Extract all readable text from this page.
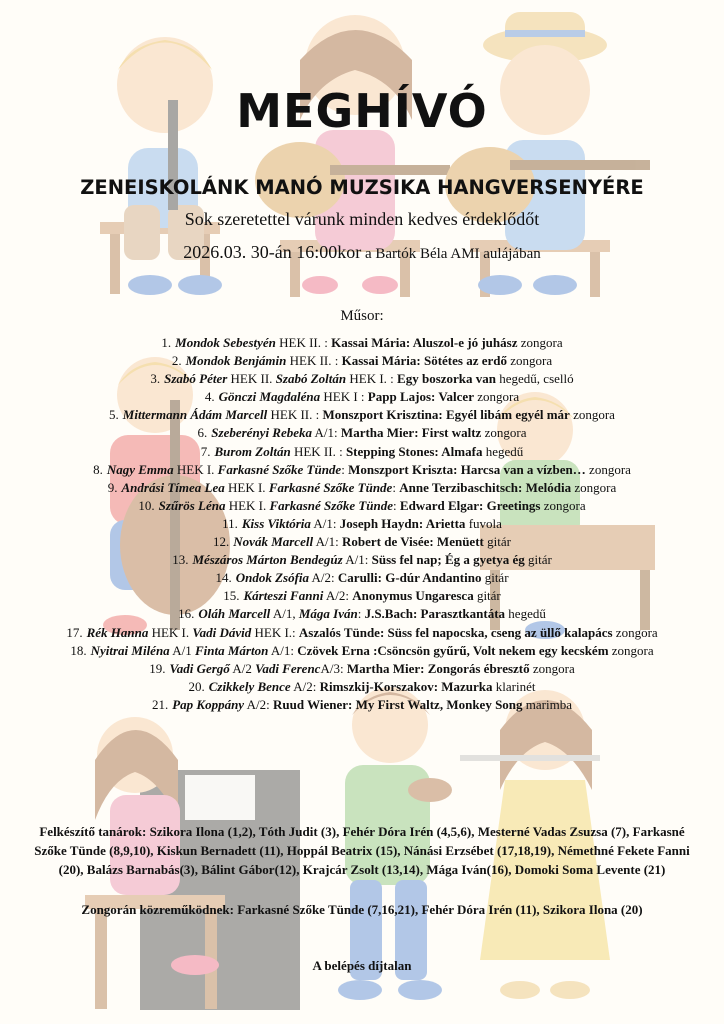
MEGHÍVÓ
ZENEISKOLÁNK MANÓ MUZSIKA HANGVERSENYÉRE
Sok szeretettel várunk minden kedves érdeklődőt
2026.03. 30-án 16:00kor a Bartók Béla AMI aulájában
Műsor:
1. Mondok Sebestyén HEK II. : Kassai Mária: Aluszol-e jó juhász zongora
2. Mondok Benjámin HEK II. : Kassai Mária: Sötétes az erdő zongora
3. Szabó Péter HEK II. Szabó Zoltán HEK I. : Egy boszorka van hegedű, cselló
4. Gönczi Magdaléna HEK I : Papp Lajos: Valcer zongora
5. Mittermann Ádám Marcell HEK II. : Monszport Krisztina: Egyél libám egyél már zongora
6. Szeberényi Rebeka A/1: Martha Mier: First waltz zongora
7. Burom Zoltán HEK II. : Stepping Stones: Almafa hegedű
8. Nagy Emma HEK I. Farkasné Szőke Tünde: Monszport Kriszta: Harcsa van a vízben… zongora
9. Andrási Tímea Lea HEK I. Farkasné Szőke Tünde: Anne Terzibaschitsch: Melódia zongora
10. Szűrös Léna HEK I. Farkasné Szőke Tünde: Edward Elgar: Greetings zongora
11. Kiss Viktória A/1: Joseph Haydn: Arietta fuvola
12. Novák Marcell A/1: Robert de Visée: Menüett gitár
13. Mészáros Márton Bendegúz A/1: Süss fel nap; Ég a gyetya ég gitár
14. Ondok Zsófia A/2: Carulli: G-dúr Andantino gitár
15. Kárteszi Fanni A/2: Anonymus Ungaresca gitár
16. Oláh Marcell A/1, Mága Iván: J.S.Bach: Parasztkantáta hegedű
17. Rék Hanna HEK I. Vadi Dávid HEK I.: Aszalós Tünde: Süss fel napocska, cseng az üllő kalapács zongora
18. Nyitrai Miléna A/1 Finta Márton A/1: Czövek Erna :Csöncsön gyűrű, Volt nekem egy kecském zongora
19. Vadi Gergő A/2 Vadi FerencA/3: Martha Mier: Zongorás ébresztő zongora
20. Czikkely Bence A/2: Rimszkij-Korszakov: Mazurka klarinét
21. Pap Koppány A/2: Ruud Wiener: My First Waltz, Monkey Song marimba
Felkészítő tanárok: Szikora Ilona (1,2), Tóth Judit (3), Fehér Dóra Irén (4,5,6), Mesterné Vadas Zsuzsa (7), Farkasné Szőke Tünde (8,9,10), Kiskun Bernadett (11), Hoppál Beatrix (15), Nánási Erzsébet (17,18,19), Némethné Fekete Fanni (20), Balázs Barnabás(3), Bálint Gábor(12), Krajcár Zsolt (13,14), Mága Iván(16), Domoki Soma Levente (21)
Zongorán közreműködnek: Farkasné Szőke Tünde (7,16,21), Fehér Dóra Irén (11), Szikora Ilona (20)
A belépés díjtalan
